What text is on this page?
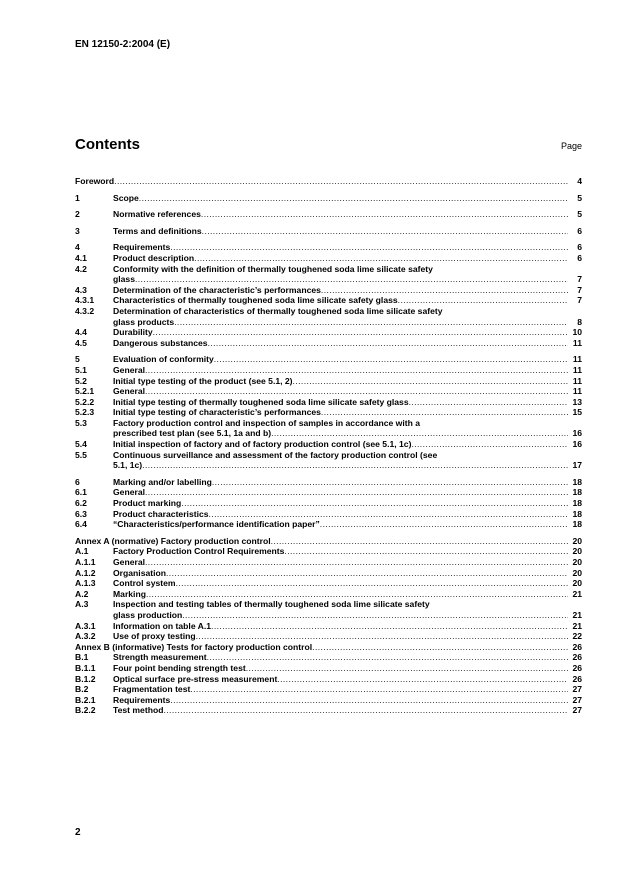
EN 12150-2:2004 (E)
Contents	Page
Foreword .....	4
1	Scope .....	5
2	Normative references .....	5
3	Terms and definitions .....	6
4	Requirements .....	6
4.1	Product description .....	6
4.2	Conformity with the definition of thermally toughened soda lime silicate safety
glass .....	7
4.3	Determination of the characteristic’s performances .....	7
4.3.1	Characteristics of thermally toughened soda lime silicate safety glass .....	7
4.3.2	Determination of characteristics of thermally toughened soda lime silicate safety
glass products .....	8
4.4	Durability .....	10
4.5	Dangerous substances .....	11
5	Evaluation of conformity .....	11
5.1	General .....	11
5.2	Initial type testing of the product (see 5.1, 2) .....	11
5.2.1	General .....	11
5.2.2	Initial type testing of thermally toughened soda lime silicate safety glass .....	13
5.2.3	Initial type testing of characteristic’s performances .....	15
5.3	Factory production control and inspection of samples in accordance with a
prescribed test plan (see 5.1, 1a and b) .....	16
5.4	Initial inspection of factory and of factory production control (see 5.1, 1c) .....	16
5.5	Continuous surveillance and assessment of the factory production control (see
5.1, 1c) .....	17
6	Marking and/or labelling .....	18
6.1	General .....	18
6.2	Product marking .....	18
6.3	Product characteristics .....	18
6.4	“Characteristics/performance identification paper” .....	18
Annex A (normative) Factory production control .....	20
A.1	Factory Production Control Requirements .....	20
A.1.1	General .....	20
A.1.2	Organisation .....	20
A.1.3	Control system .....	20
A.2	Marking .....	21
A.3	Inspection and testing tables of thermally toughened soda lime silicate safety
glass production .....	21
A.3.1	Information on table A.1 .....	21
A.3.2	Use of proxy testing .....	22
Annex B (informative) Tests for factory production control .....	26
B.1	Strength measurement .....	26
B.1.1	Four point bending strength test .....	26
B.1.2	Optical surface pre-stress measurement .....	26
B.2	Fragmentation test .....	27
B.2.1	Requirements .....	27
B.2.2	Test method .....	27
2
